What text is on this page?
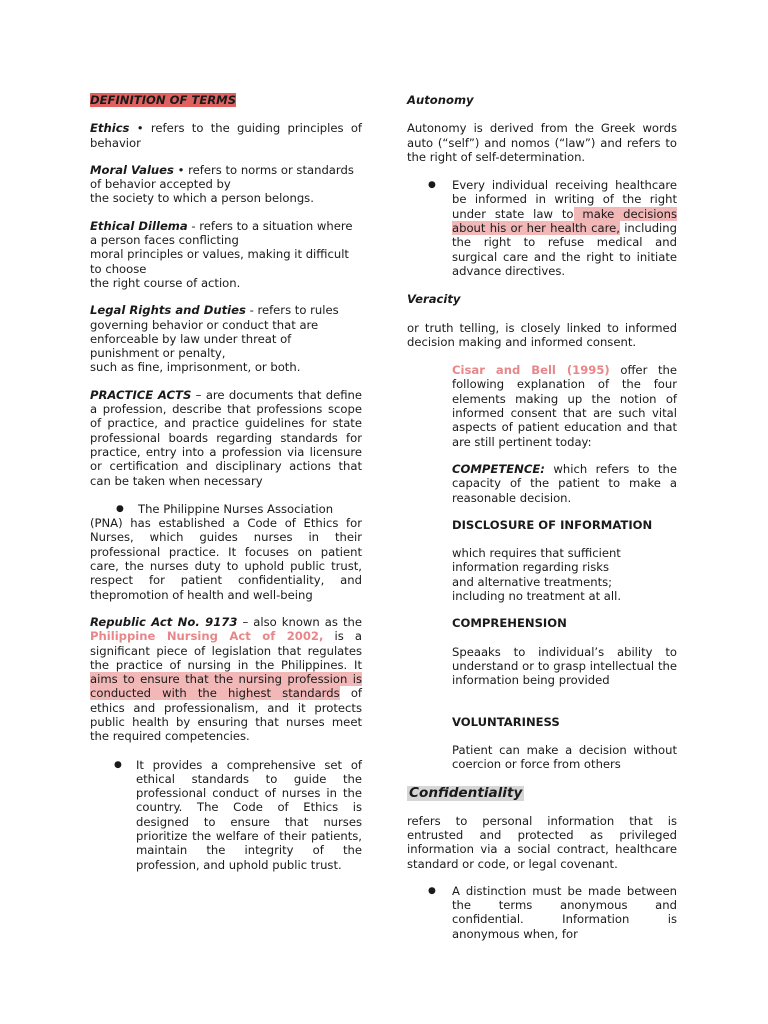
DEFINITION OF TERMS

Ethics • refers to the guiding principles of behavior

Moral Values • refers to norms or standards of behavior accepted by
the society to which a person belongs.

Ethical Dillema - refers to a situation where a person faces conflicting
moral principles or values, making it difficult to choose
the right course of action.

Legal Rights and Duties - refers to rules governing behavior or conduct that are
enforceable by law under threat of punishment or penalty,
such as fine, imprisonment, or both.

PRACTICE ACTS – are documents that define a profession, describe that professions scope of practice, and practice guidelines for state professional boards regarding standards for practice, entry into a profession via licensure or certification and disciplinary actions that can be taken when necessary

● The Philippine Nurses Association

(PNA) has established a Code of Ethics for Nurses, which guides nurses in their professional practice. It focuses on patient care, the nurses duty to uphold public trust, respect for patient confidentiality, and thepromotion of health and well-being

Republic Act No. 9173 – also known as the Philippine Nursing Act of 2002, is a significant piece of legislation that regulates the practice of nursing in the Philippines. It aims to ensure that the nursing profession is conducted with the highest standards of ethics and professionalism, and it protects public health by ensuring that nurses meet the required competencies.

● It provides a comprehensive set of ethical standards to guide the professional conduct of nurses in the country. The Code of Ethics is designed to ensure that nurses prioritize the welfare of their patients, maintain the integrity of the profession, and uphold public trust.

Autonomy

Autonomy is derived from the Greek words auto (“self”) and nomos (“law”) and refers to the right of self-determination.

● Every individual receiving healthcare be informed in writing of the right under state law to make decisions about his or her health care, including the right to refuse medical and surgical care and the right to initiate advance directives.

Veracity

or truth telling, is closely linked to informed decision making and informed consent.

Cisar and Bell (1995) offer the following explanation of the four elements making up the notion of informed consent that are such vital aspects of patient education and that are still pertinent today:

COMPETENCE: which refers to the capacity of the patient to make a reasonable decision.

DISCLOSURE OF INFORMATION

which requires that sufficient
information regarding risks
and alternative treatments;
including no treatment at all.

COMPREHENSION

Speaaks to individual’s ability to understand or to grasp intellectual the information being provided

VOLUNTARINESS

Patient can make a decision without coercion or force from others

Confidentiality

refers to personal information that is entrusted and protected as privileged information via a social contract, healthcare standard or code, or legal covenant.

● A distinction must be made between the terms anonymous and confidential. Information is anonymous when, for
